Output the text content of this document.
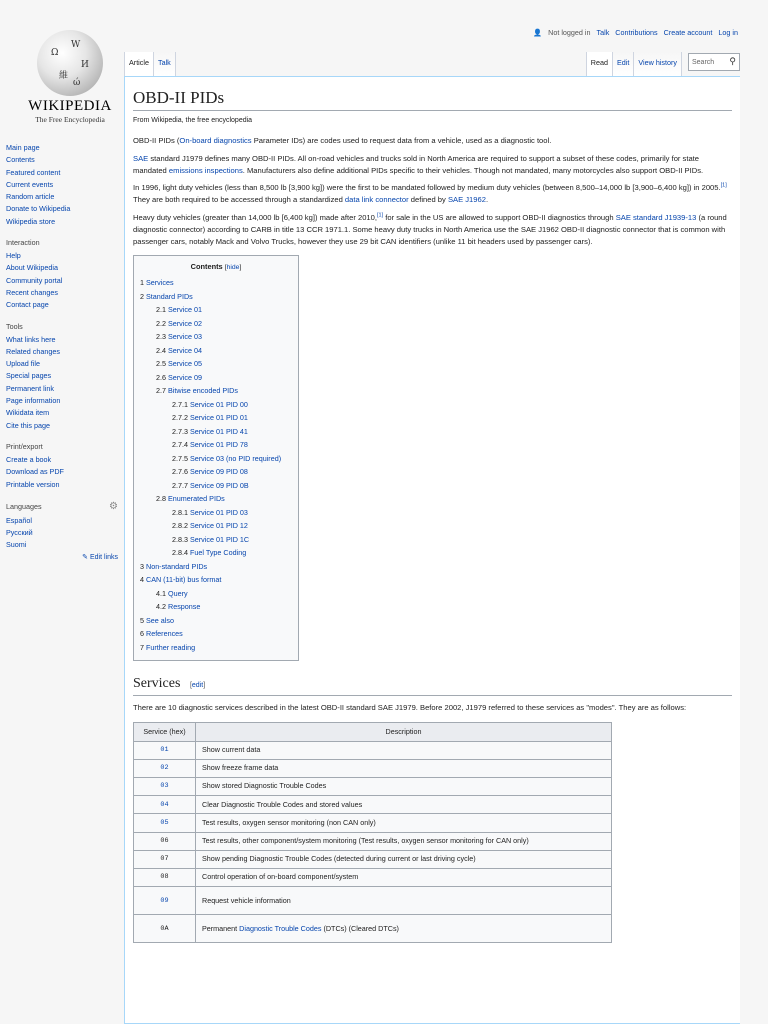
👤 Not logged in Talk Contributions Create account Log in
Ω
W
И
維
ώ
WIKIPEDIA
The Free Encyclopedia
Main page
Contents
Featured content
Current events
Random article
Donate to Wikipedia
Wikipedia store
Interaction
Help
About Wikipedia
Community portal
Recent changes
Contact page
Tools
What links here
Related changes
Upload file
Special pages
Permanent link
Page information
Wikidata item
Cite this page
Print/export
Create a book
Download as PDF
Printable version
Languages	⚙
Español
Русский
Suomi
✎ Edit links
Article	Talk	Read	Edit	View history	Search ⚲
OBD-II PIDs
From Wikipedia, the free encyclopedia

OBD-II PIDs (On-board diagnostics Parameter IDs) are codes used to request data from a vehicle, used as a diagnostic tool.

SAE standard J1979 defines many OBD-II PIDs. All on-road vehicles and trucks sold in North America are required to support a subset of these codes, primarily for state mandated emissions inspections. Manufacturers also define additional PIDs specific to their vehicles. Though not mandated, many motorcycles also support OBD-II PIDs.

In 1996, light duty vehicles (less than 8,500 lb [3,900 kg]) were the first to be mandated followed by medium duty vehicles (between 8,500–14,000 lb [3,900–6,400 kg]) in 2005.[1] They are both required to be accessed through a standardized data link connector defined by SAE J1962.

Heavy duty vehicles (greater than 14,000 lb [6,400 kg]) made after 2010,[1] for sale in the US are allowed to support OBD-II diagnostics through SAE standard J1939-13 (a round diagnostic connector) according to CARB in title 13 CCR 1971.1. Some heavy duty trucks in North America use the SAE J1962 OBD-II diagnostic connector that is common with passenger cars, notably Mack and Volvo Trucks, however they use 29 bit CAN identifiers (unlike 11 bit headers used by passenger cars).

Contents [hide]
1 Services
2 Standard PIDs
2.1 Service 01
2.2 Service 02
2.3 Service 03
2.4 Service 04
2.5 Service 05
2.6 Service 09
2.7 Bitwise encoded PIDs
2.7.1 Service 01 PID 00
2.7.2 Service 01 PID 01
2.7.3 Service 01 PID 41
2.7.4 Service 01 PID 78
2.7.5 Service 03 (no PID required)
2.7.6 Service 09 PID 08
2.7.7 Service 09 PID 0B
2.8 Enumerated PIDs
2.8.1 Service 01 PID 03
2.8.2 Service 01 PID 12
2.8.3 Service 01 PID 1C
2.8.4 Fuel Type Coding
3 Non-standard PIDs
4 CAN (11-bit) bus format
4.1 Query
4.2 Response
5 See also
6 References
7 Further reading
Services [edit]

There are 10 diagnostic services described in the latest OBD-II standard SAE J1979. Before 2002, J1979 referred to these services as "modes". They are as follows:

Service (hex)	Description
01	Show current data
02	Show freeze frame data
03	Show stored Diagnostic Trouble Codes
04	Clear Diagnostic Trouble Codes and stored values
05	Test results, oxygen sensor monitoring (non CAN only)
06	Test results, other component/system monitoring (Test results, oxygen sensor monitoring for CAN only)
07	Show pending Diagnostic Trouble Codes (detected during current or last driving cycle)
08	Control operation of on-board component/system
09	Request vehicle information
0A	Permanent Diagnostic Trouble Codes (DTCs) (Cleared DTCs)
